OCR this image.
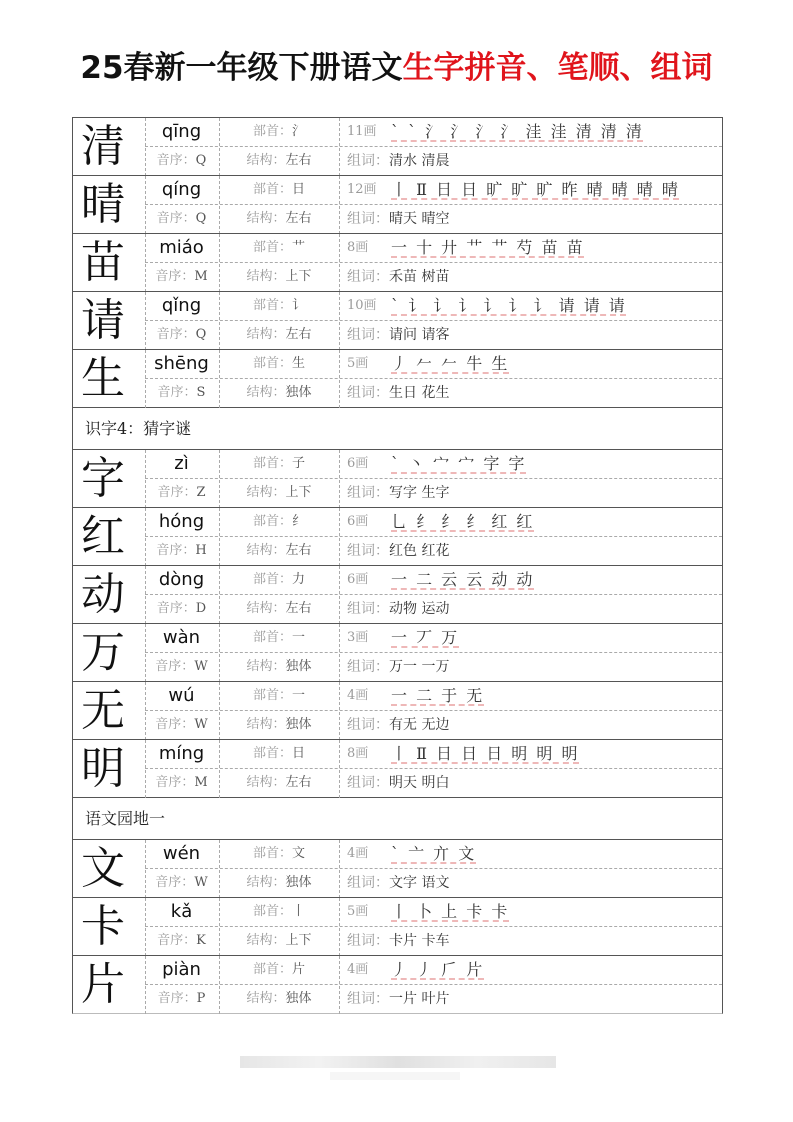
25春新一年级下册语文生字拼音、笔顺、组词
清	qīng
音序：Q
部首：氵
结构：左右
11画 ` ` 氵 氵 氵 氵 洼 洼 清 清 清
组词：清水 清晨
晴	qíng
音序：Q
部首：日
结构：左右
12画 丨 Ⅱ 日 日 旷 旷 旷 昨 晴 晴 晴 晴
组词：晴天 晴空
苗	miáo
音序：M
部首：艹
结构：上下
8画 一 十 廾 艹 艹 芍 苗 苗
组词：禾苗 树苗
请	qǐng
音序：Q
部首：讠
结构：左右
10画 ` 讠 讠 讠 讠 讠 讠 请 请 请
组词：请问 请客
生	shēng
音序：S
部首：生
结构：独体
5画 丿 𠂉 𠂉 牛 生
组词：生日 花生
识字4：猜字谜
字	zì
音序：Z
部首：子
结构：上下
6画 ` 丶 宀 宀 字 字
组词：写字 生字
红	hóng
音序：H
部首：纟
结构：左右
6画 乚 纟 纟 纟 红 红
组词：红色 红花
动	dòng
音序：D
部首：力
结构：左右
6画 一 二 云 云 动 动
组词：动物 运动
万	wàn
音序：W
部首：一
结构：独体
3画 一 丆 万
组词：万一 一万
无	wú
音序：W
部首：一
结构：独体
4画 一 二 于 无
组词：有无 无边
明	míng
音序：M
部首：日
结构：左右
8画 丨 Ⅱ 日 日 日 明 明 明
组词：明天 明白
语文园地一
文	wén
音序：W
部首：文
结构：独体
4画 ` 亠 亣 文
组词：文字 语文
卡	kǎ
音序：K
部首：丨
结构：上下
5画 丨 卜 上 卡 卡
组词：卡片 卡车
片	piàn
音序：P
部首：片
结构：独体
4画 丿 丿 𠂆 片
组词：一片 叶片
